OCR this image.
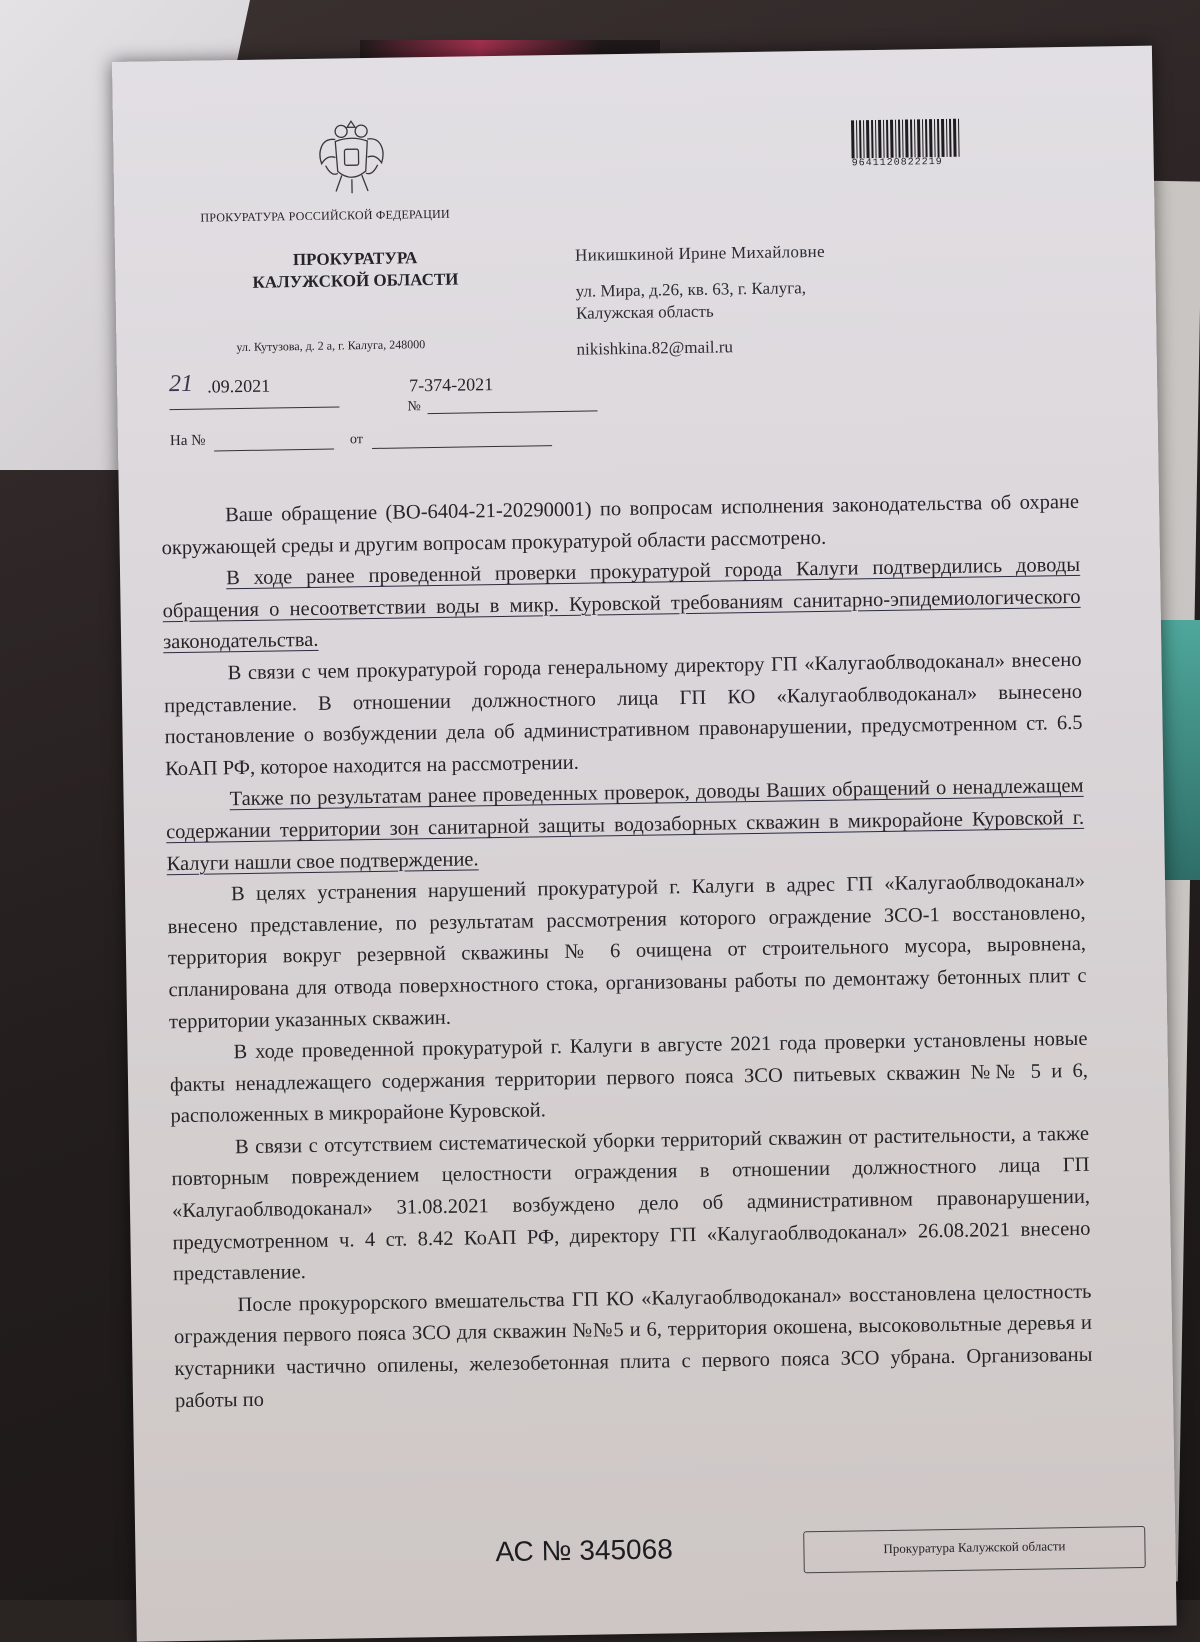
9641120822219
ПРОКУРАТУРА РОССИЙСКОЙ ФЕДЕРАЦИИ
ПРОКУРАТУРА
КАЛУЖСКОЙ ОБЛАСТИ
ул. Кутузова, д. 2 а, г. Калуга, 248000
21 .09.2021	7-374-2021
№
На №	от
Никишкиной Ирине Михайловне
ул. Мира, д.26, кв. 63, г. Калуга,
Калужская область
nikishkina.82@mail.ru

Ваше обращение (ВО-6404-21-20290001) по вопросам исполнения законодательства об охране окружающей среды и другим вопросам прокуратурой области рассмотрено.

В ходе ранее проведенной проверки прокуратурой города Калуги подтвердились доводы обращения о несоответствии воды в микр. Куровской требованиям санитарно-эпидемиологического законодательства.

В связи с чем прокуратурой города генеральному директору ГП «Калугаоблводоканал» внесено представление. В отношении должностного лица ГП КО «Калугаоблводоканал» вынесено постановление о возбуждении дела об административном правонарушении, предусмотренном ст. 6.5 КоАП РФ, которое находится на рассмотрении.

Также по результатам ранее проведенных проверок, доводы Ваших обращений о ненадлежащем содержании территории зон санитарной защиты водозаборных скважин в микрорайоне Куровской г. Калуги нашли свое подтверждение.

В целях устранения нарушений прокуратурой г. Калуги в адрес ГП «Калугаоблводоканал» внесено представление, по результатам рассмотрения которого ограждение ЗСО-1 восстановлено, территория вокруг резервной скважины № 6 очищена от строительного мусора, выровнена, спланирована для отвода поверхностного стока, организованы работы по демонтажу бетонных плит с территории указанных скважин.

В ходе проведенной прокуратурой г. Калуги в августе 2021 года проверки установлены новые факты ненадлежащего содержания территории первого пояса ЗСО питьевых скважин №№ 5 и 6, расположенных в микрорайоне Куровской.

В связи с отсутствием систематической уборки территорий скважин от растительности, а также повторным повреждением целостности ограждения в отношении должностного лица ГП «Калугаоблводоканал» 31.08.2021 возбуждено дело об административном правонарушении, предусмотренном ч. 4 ст. 8.42 КоАП РФ, директору ГП «Калугаоблводоканал» 26.08.2021 внесено представление.

После прокурорского вмешательства ГП КО «Калугаоблводоканал» восстановлена целостность ограждения первого пояса ЗСО для скважин №№5 и 6, территория окошена, высоковольтные деревья и кустарники частично опилены, железобетонная плита с первого пояса ЗСО убрана. Организованы работы по

АС № 345068	Прокуратура Калужской области
